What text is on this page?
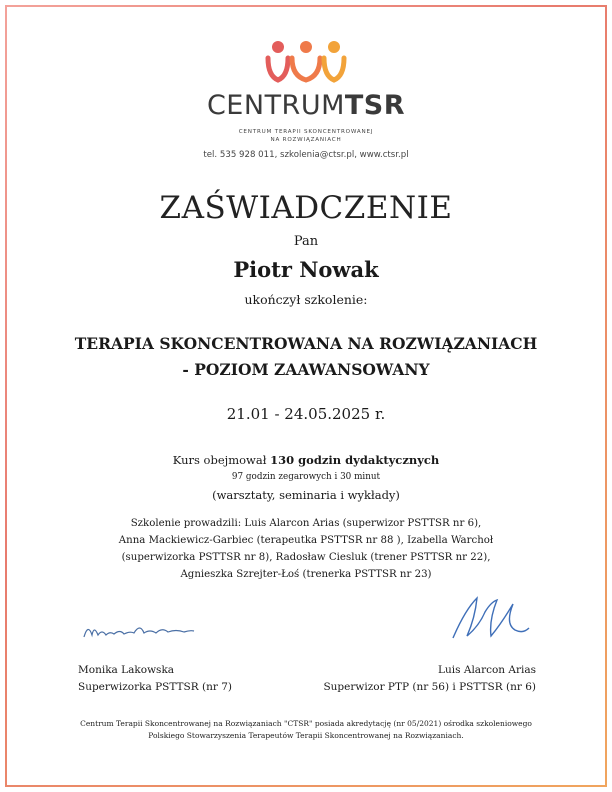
CENTRUMTSR
CENTRUM TERAPII SKONCENTROWANEJ
NA ROZWIĄZANIACH
tel. 535 928 011, szkolenia@ctsr.pl, www.ctsr.pl
ZAŚWIADCZENIE
Pan
Piotr Nowak
ukończył szkolenie:
TERAPIA SKONCENTROWANA NA ROZWIĄZANIACH
- POZIOM ZAAWANSOWANY
21.01 - 24.05.2025 r.
Kurs obejmował 130 godzin dydaktycznych
97 godzin zegarowych i 30 minut
(warsztaty, seminaria i wykłady)
Szkolenie prowadzili: Luis Alarcon Arias (superwizor PSTTSR nr 6),
Anna Mackiewicz-Garbiec (terapeutka PSTTSR nr 88 ), Izabella Warchoł
(superwizorka PSTTSR nr 8), Radosław Ciesluk (trener PSTTSR nr 22),
Agnieszka Szrejter-Łoś (trenerka PSTTSR nr 23)
Monika Lakowska
Superwizorka PSTTSR (nr 7)
Luis Alarcon Arias
Superwizor PTP (nr 56) i PSTTSR (nr 6)
Centrum Terapii Skoncentrowanej na Rozwiązaniach "CTSR" posiada akredytację (nr 05/2021) ośrodka szkoleniowego
Polskiego Stowarzyszenia Terapeutów Terapii Skoncentrowanej na Rozwiązaniach.
